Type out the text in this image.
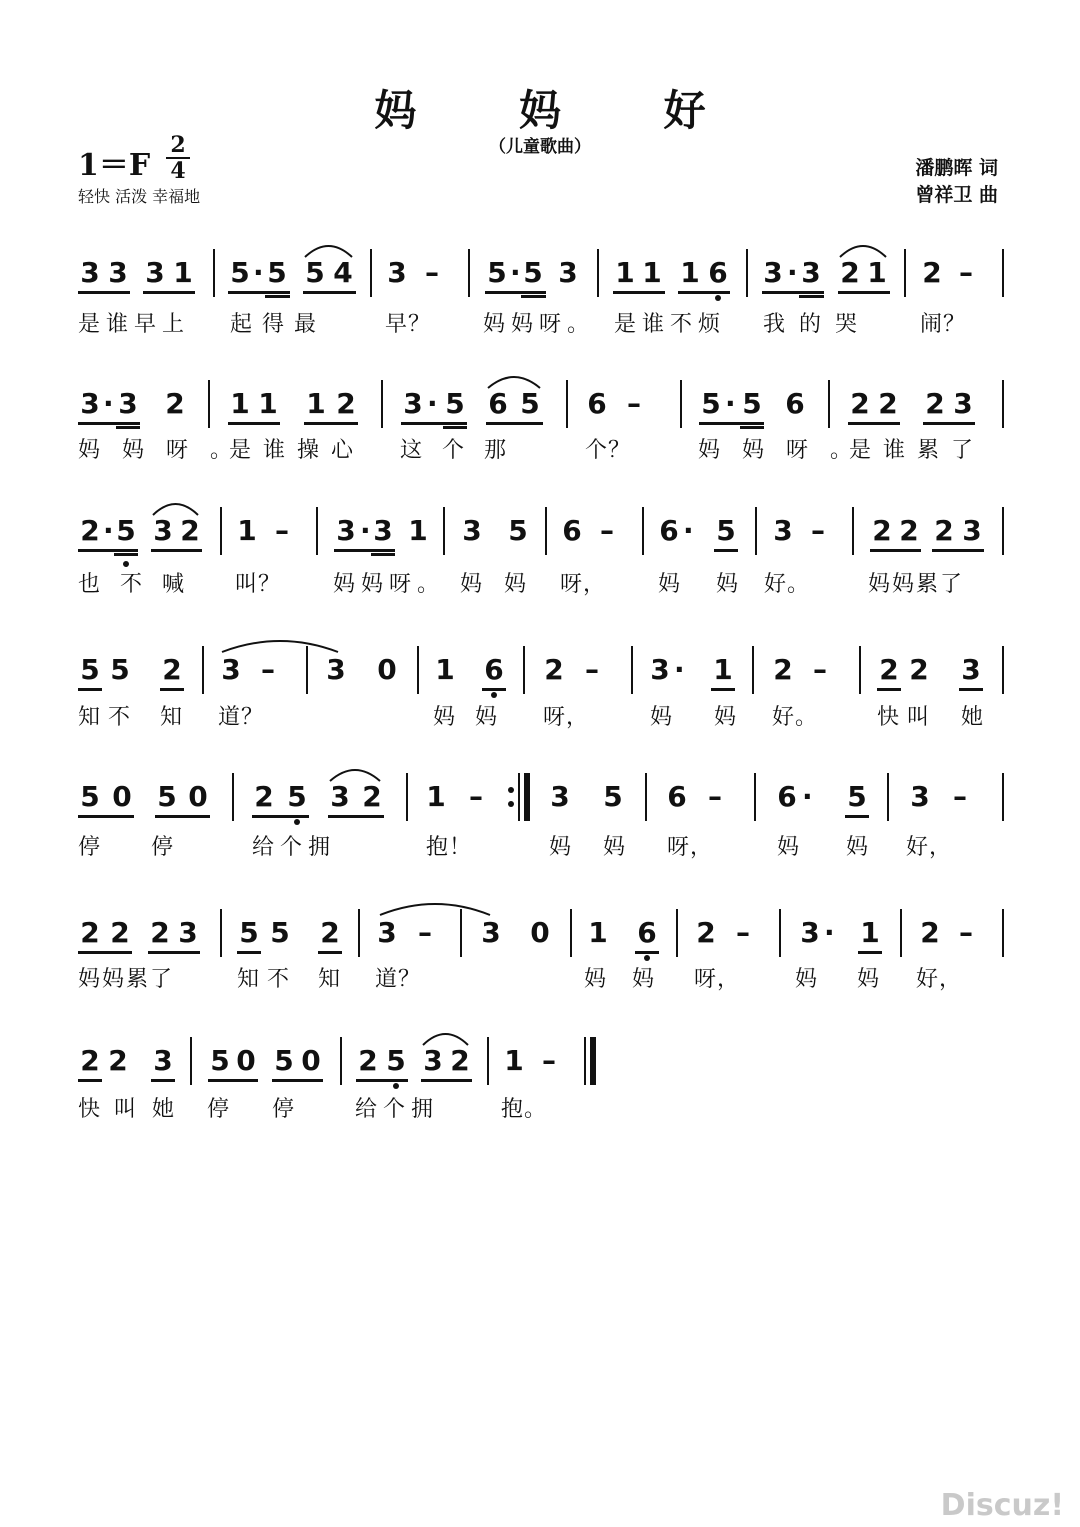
妈 妈 好
（儿童歌曲）
1＝F
2
4
轻快 活泼 幸福地
潘鹏晖 词
曾祥卫 曲
3 3 3 1 5 · 5 5 4 3 – 5 · 5 3 1 1 1 6 3 · 3 2 1 2 –
3 · 3 2 1 1 1 2 3 · 5 6 5 6 – 5 · 5 6 2 2 2 3
2 · 5 3 2 1 – 3 · 3 1 3 5 6 – 6 · 5 3 – 2 2 2 3
5 5 2 3 – 3 0 1 6 2 – 3 · 1 2 – 2 2 3
5 0 5 0 2 5 3 2 1 – 3 5 6 – 6 · 5 3 –
2 2 2 3 5 5 2 3 – 3 0 1 6 2 – 3 · 1 2 –
2 2 3 5 0 5 0 2 5 3 2 1 –
是谁早上 起得最	早？ 妈妈呀。 是谁不烦 我的哭 闹？
妈妈呀。
是谁操心 这个那	个？	妈妈呀。
是谁累了
也不喊 叫？ 妈妈呀。 妈妈 呀， 妈 妈 好。	妈妈累了
知不 知 道？	妈妈 呀，	妈 妈 好。	快叫 她
停 停	给个拥	抱！	妈妈 呀，	妈 妈 好，
妈妈累了	知不 知 道？	妈妈 呀， 妈 妈 好，
快叫 她 停 停	给个拥	抱。
Discuz!
